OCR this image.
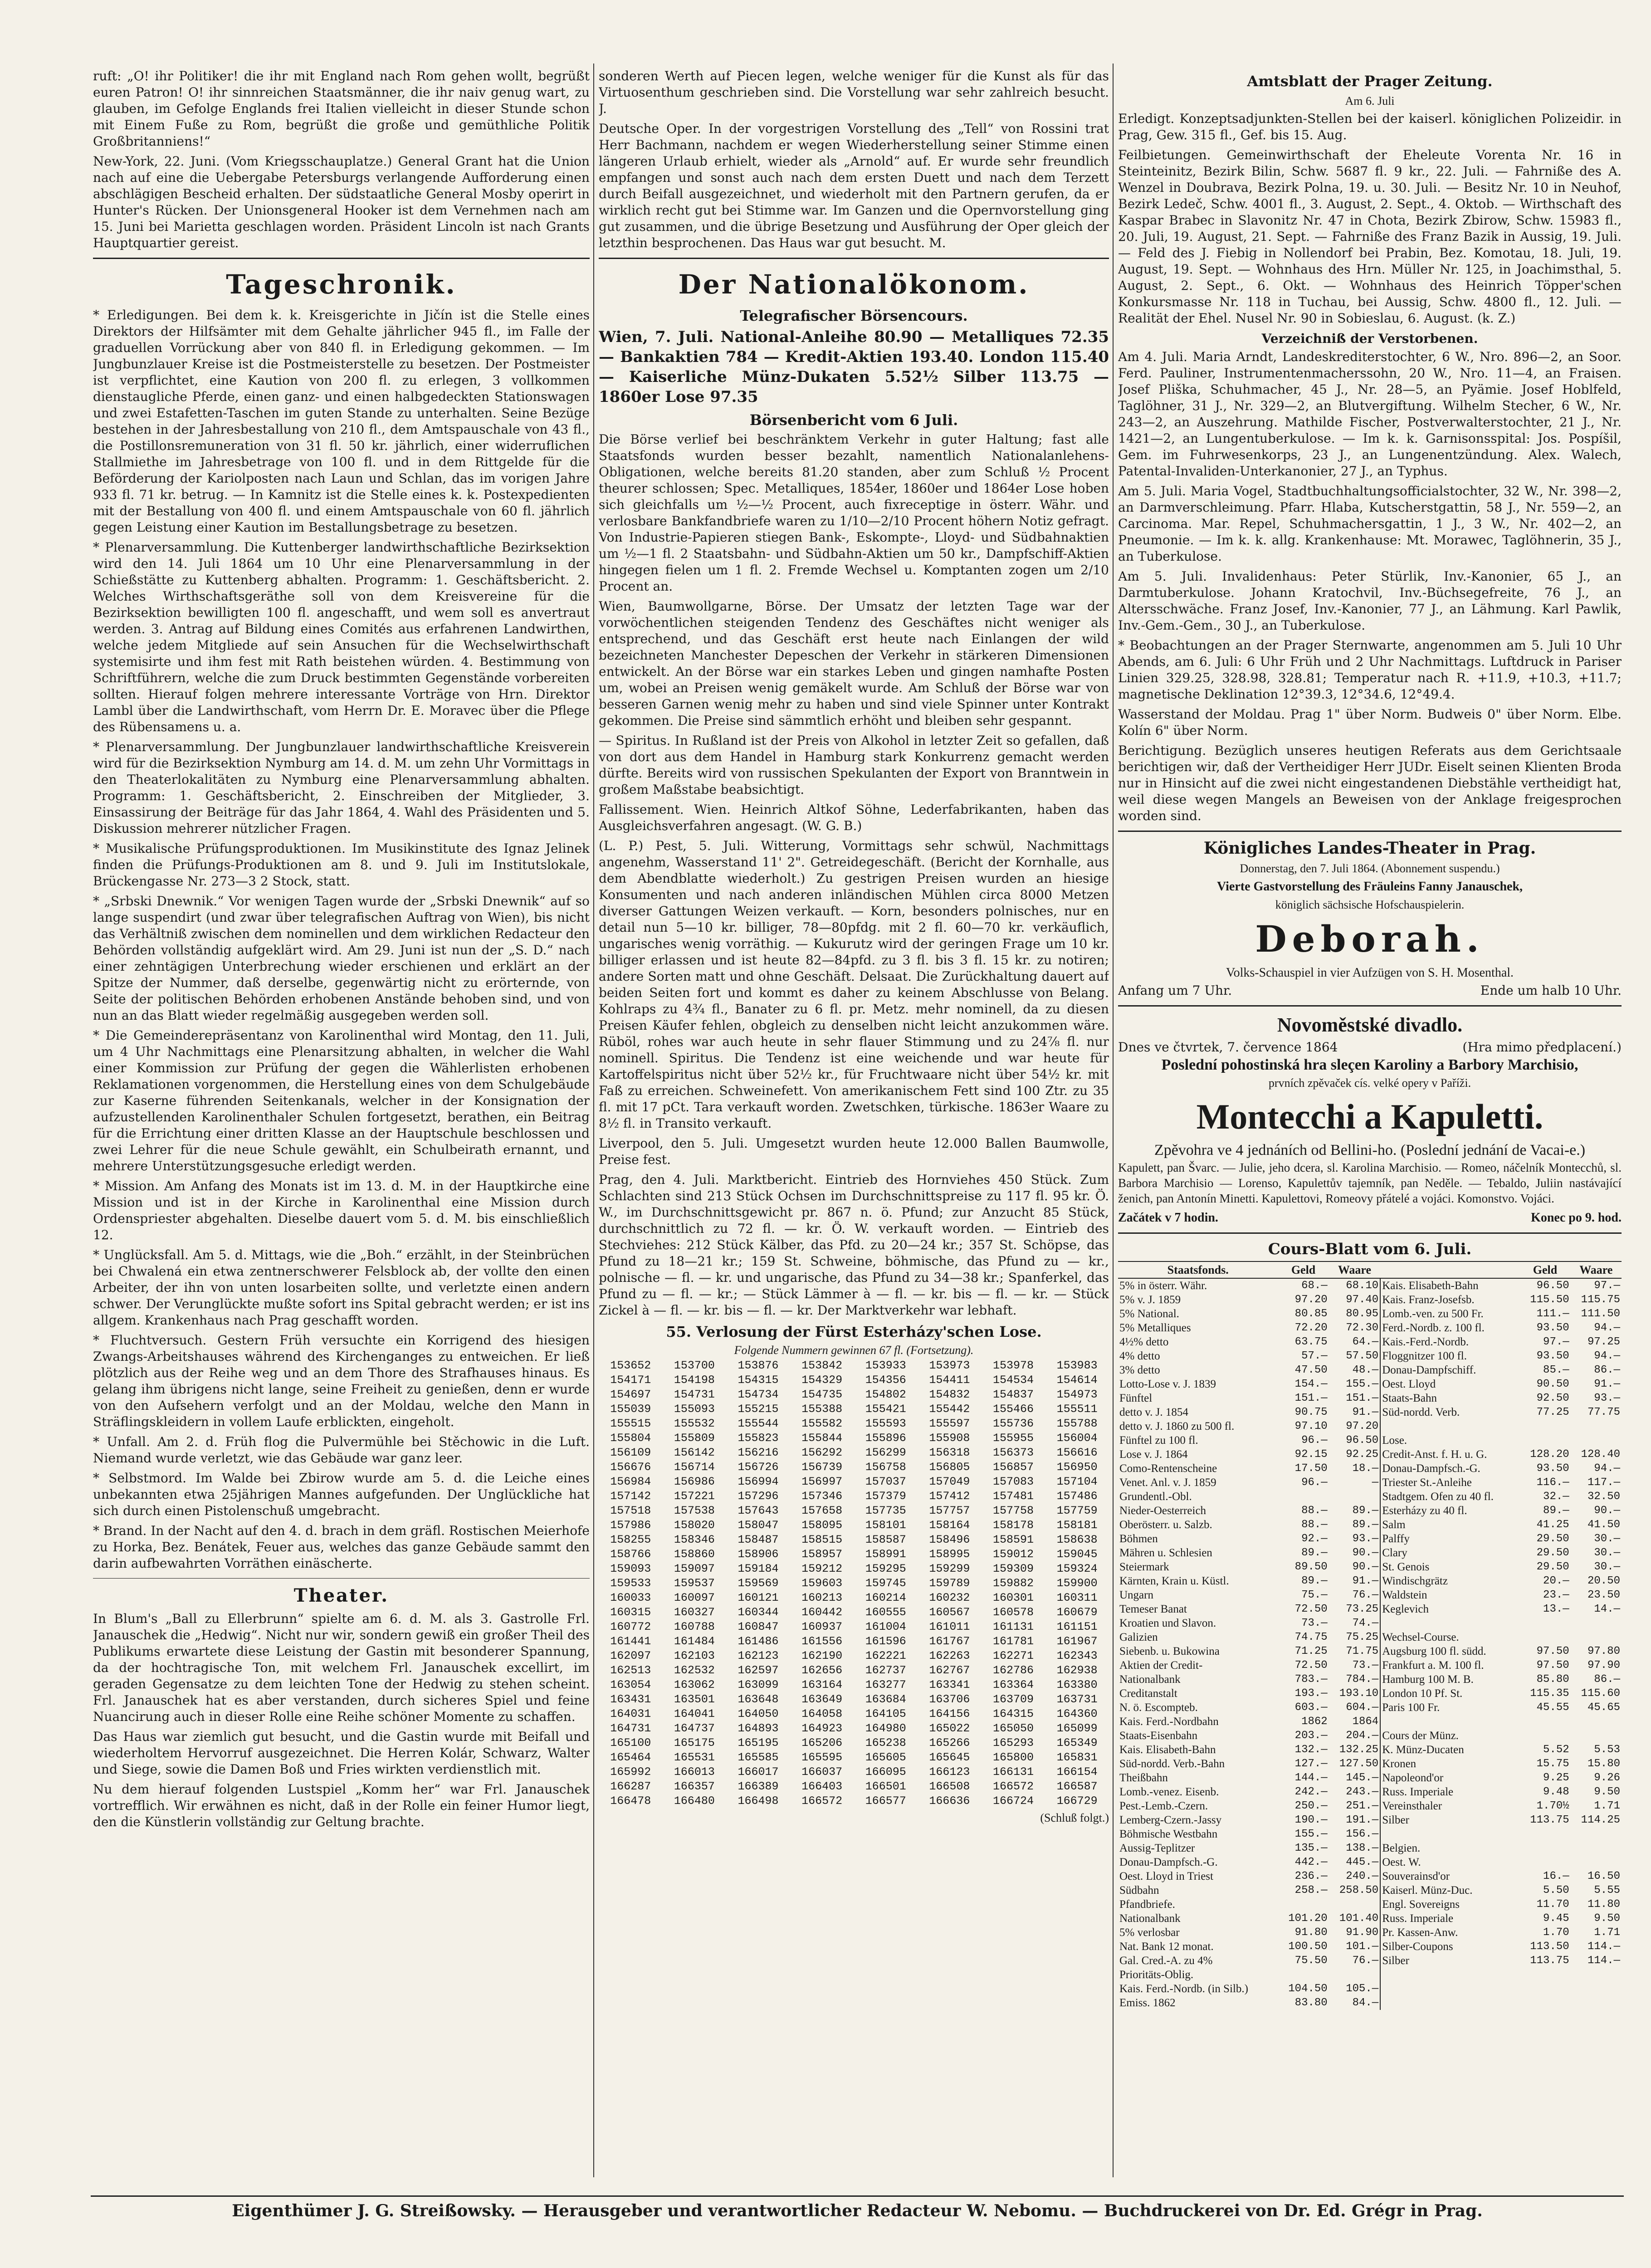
ruft: „O! ihr Politiker! die ihr mit England nach Rom gehen wollt, begrüßt euren Patron! O! ihr sinnreichen Staatsmänner, die ihr naiv genug wart, zu glauben, im Gefolge Englands frei Italien vielleicht in dieser Stunde schon mit Einem Fuße zu Rom, begrüßt die große und gemüthliche Politik Großbritanniens!“

New-York, 22. Juni. (Vom Kriegsschauplatze.) General Grant hat die Union nach auf eine die Uebergabe Petersburgs verlangende Aufforderung einen abschlägigen Bescheid erhalten. Der südstaatliche General Mosby operirt in Hunter's Rücken. Der Unionsgeneral Hooker ist dem Vernehmen nach am 15. Juni bei Marietta geschlagen worden. Präsident Lincoln ist nach Grants Hauptquartier gereist.

Tageschronik.

* Erledigungen. Bei dem k. k. Kreisgerichte in Jičín ist die Stelle eines Direktors der Hilfsämter mit dem Gehalte jährlicher 945 fl., im Falle der graduellen Vorrückung aber von 840 fl. in Erledigung gekommen. — Im Jungbunzlauer Kreise ist die Postmeisterstelle zu besetzen. Der Postmeister ist verpflichtet, eine Kaution von 200 fl. zu erlegen, 3 vollkommen dienstaugliche Pferde, einen ganz- und einen halbgedeckten Stationswagen und zwei Estafetten-Taschen im guten Stande zu unterhalten. Seine Bezüge bestehen in der Jahresbestallung von 210 fl., dem Amtspauschale von 43 fl., die Postillonsremuneration von 31 fl. 50 kr. jährlich, einer widerruflichen Stallmiethe im Jahresbetrage von 100 fl. und in dem Rittgelde für die Beförderung der Kariolposten nach Laun und Schlan, das im vorigen Jahre 933 fl. 71 kr. betrug. — In Kamnitz ist die Stelle eines k. k. Postexpedienten mit der Bestallung von 400 fl. und einem Amtspauschale von 60 fl. jährlich gegen Leistung einer Kaution im Bestallungsbetrage zu besetzen.

* Plenarversammlung. Die Kuttenberger landwirthschaftliche Bezirksektion wird den 14. Juli 1864 um 10 Uhr eine Plenarversammlung in der Schießstätte zu Kuttenberg abhalten. Programm: 1. Geschäftsbericht. 2. Welches Wirthschaftsgeräthe soll von dem Kreisvereine für die Bezirksektion bewilligten 100 fl. angeschafft, und wem soll es anvertraut werden. 3. Antrag auf Bildung eines Comités aus erfahrenen Landwirthen, welche jedem Mitgliede auf sein Ansuchen für die Wechselwirthschaft systemisirte und ihm fest mit Rath beistehen würden. 4. Bestimmung von Schriftführern, welche die zum Druck bestimmten Gegenstände vorbereiten sollten. Hierauf folgen mehrere interessante Vorträge von Hrn. Direktor Lambl über die Landwirthschaft, vom Herrn Dr. E. Moravec über die Pflege des Rübensamens u. a.

* Plenarversammlung. Der Jungbunzlauer landwirthschaftliche Kreisverein wird für die Bezirksektion Nymburg am 14. d. M. um zehn Uhr Vormittags in den Theaterlokalitäten zu Nymburg eine Plenarversammlung abhalten. Programm: 1. Geschäftsbericht, 2. Einschreiben der Mitglieder, 3. Einsassirung der Beiträge für das Jahr 1864, 4. Wahl des Präsidenten und 5. Diskussion mehrerer nützlicher Fragen.

* Musikalische Prüfungsproduktionen. Im Musikinstitute des Ignaz Jelinek finden die Prüfungs-Produktionen am 8. und 9. Juli im Institutslokale, Brückengasse Nr. 273—3 2 Stock, statt.

* „Srbski Dnewnik.“ Vor wenigen Tagen wurde der „Srbski Dnewnik“ auf so lange suspendirt (und zwar über telegrafischen Auftrag von Wien), bis nicht das Verhältniß zwischen dem nominellen und dem wirklichen Redacteur den Behörden vollständig aufgeklärt wird. Am 29. Juni ist nun der „S. D.“ nach einer zehntägigen Unterbrechung wieder erschienen und erklärt an der Spitze der Nummer, daß derselbe, gegenwärtig nicht zu erörternde, von Seite der politischen Behörden erhobenen Anstände behoben sind, und von nun an das Blatt wieder regelmäßig ausgegeben werden soll.

* Die Gemeinderepräsentanz von Karolinenthal wird Montag, den 11. Juli, um 4 Uhr Nachmittags eine Plenarsitzung abhalten, in welcher die Wahl einer Kommission zur Prüfung der gegen die Wählerlisten erhobenen Reklamationen vorgenommen, die Herstellung eines von dem Schulgebäude zur Kaserne führenden Seitenkanals, welcher in der Konsignation der aufzustellenden Karolinenthaler Schulen fortgesetzt, berathen, ein Beitrag für die Errichtung einer dritten Klasse an der Hauptschule beschlossen und zwei Lehrer für die neue Schule gewählt, ein Schulbeirath ernannt, und mehrere Unterstützungsgesuche erledigt werden.

* Mission. Am Anfang des Monats ist im 13. d. M. in der Hauptkirche eine Mission und ist in der Kirche in Karolinenthal eine Mission durch Ordenspriester abgehalten. Dieselbe dauert vom 5. d. M. bis einschließlich 12.

* Unglücksfall. Am 5. d. Mittags, wie die „Boh.“ erzählt, in der Steinbrüchen bei Chwalená ein etwa zentnerschwerer Felsblock ab, der vollte den einen Arbeiter, der ihn von unten losarbeiten sollte, und verletzte einen andern schwer. Der Verunglückte mußte sofort ins Spital gebracht werden; er ist ins allgem. Krankenhaus nach Prag geschafft worden.

* Fluchtversuch. Gestern Früh versuchte ein Korrigend des hiesigen Zwangs-Arbeitshauses während des Kirchenganges zu entweichen. Er ließ plötzlich aus der Reihe weg und an dem Thore des Strafhauses hinaus. Es gelang ihm übrigens nicht lange, seine Freiheit zu genießen, denn er wurde von den Aufsehern verfolgt und an der Moldau, welche den Mann in Sträflingskleidern in vollem Laufe erblickten, eingeholt.

* Unfall. Am 2. d. Früh flog die Pulvermühle bei Stěchowic in die Luft. Niemand wurde verletzt, wie das Gebäude war ganz leer.

* Selbstmord. Im Walde bei Zbirow wurde am 5. d. die Leiche eines unbekannten etwa 25jährigen Mannes aufgefunden. Der Unglückliche hat sich durch einen Pistolenschuß umgebracht.

* Brand. In der Nacht auf den 4. d. brach in dem gräfl. Rostischen Meierhofe zu Horka, Bez. Benátek, Feuer aus, welches das ganze Gebäude sammt den darin aufbewahrten Vorräthen einäscherte.

Theater.

In Blum's „Ball zu Ellerbrunn“ spielte am 6. d. M. als 3. Gastrolle Frl. Janauschek die „Hedwig“. Nicht nur wir, sondern gewiß ein großer Theil des Publikums erwartete diese Leistung der Gastin mit besonderer Spannung, da der hochtragische Ton, mit welchem Frl. Janauschek excellirt, im geraden Gegensatze zu dem leichten Tone der Hedwig zu stehen scheint. Frl. Janauschek hat es aber verstanden, durch sicheres Spiel und feine Nuancirung auch in dieser Rolle eine Reihe schöner Momente zu schaffen.

Das Haus war ziemlich gut besucht, und die Gastin wurde mit Beifall und wiederholtem Hervorruf ausgezeichnet. Die Herren Kolár, Schwarz, Walter und Siege, sowie die Damen Boß und Fries wirkten verdienstlich mit.

Nu dem hierauf folgenden Lustspiel „Komm her“ war Frl. Janauschek vortrefflich. Wir erwähnen es nicht, daß in der Rolle ein feiner Humor liegt, den die Künstlerin vollständig zur Geltung brachte.

sonderen Werth auf Piecen legen, welche weniger für die Kunst als für das Virtuosenthum geschrieben sind. Die Vorstellung war sehr zahlreich besucht. J.

Deutsche Oper. In der vorgestrigen Vorstellung des „Tell“ von Rossini trat Herr Bachmann, nachdem er wegen Wiederherstellung seiner Stimme einen längeren Urlaub erhielt, wieder als „Arnold“ auf. Er wurde sehr freundlich empfangen und sonst auch nach dem ersten Duett und nach dem Terzett durch Beifall ausgezeichnet, und wiederholt mit den Partnern gerufen, da er wirklich recht gut bei Stimme war. Im Ganzen und die Opernvorstellung ging gut zusammen, und die übrige Besetzung und Ausführung der Oper gleich der letzthin besprochenen. Das Haus war gut besucht. M.

Der Nationalökonom.
Telegrafischer Börsencours.

Wien, 7. Juli. National-Anleihe 80.90 — Metalliques 72.35 — Bankaktien 784 — Kredit-Aktien 193.40. London 115.40 — Kaiserliche Münz-Dukaten 5.52½ Silber 113.75 — 1860er Lose 97.35

Börsenbericht vom 6 Juli.

Die Börse verlief bei beschränktem Verkehr in guter Haltung; fast alle Staatsfonds wurden besser bezahlt, namentlich Nationalanlehens-Obligationen, welche bereits 81.20 standen, aber zum Schluß ½ Procent theurer schlossen; Spec. Metalliques, 1854er, 1860er und 1864er Lose hoben sich gleichfalls um ½—½ Procent, auch fixreceptige in österr. Währ. und verlosbare Bankfandbriefe waren zu 1/10—2/10 Procent höhern Notiz gefragt. Von Industrie-Papieren stiegen Bank-, Eskompte-, Lloyd- und Südbahnaktien um ½—1 fl. 2 Staatsbahn- und Südbahn-Aktien um 50 kr., Dampfschiff-Aktien hingegen fielen um 1 fl. 2. Fremde Wechsel u. Komptanten zogen um 2/10 Procent an.

Wien, Baumwollgarne, Börse. Der Umsatz der letzten Tage war der vorwöchentlichen steigenden Tendenz des Geschäftes nicht weniger als entsprechend, und das Geschäft erst heute nach Einlangen der wild bezeichneten Manchester Depeschen der Verkehr in stärkeren Dimensionen entwickelt. An der Börse war ein starkes Leben und gingen namhafte Posten um, wobei an Preisen wenig gemäkelt wurde. Am Schluß der Börse war von besseren Garnen wenig mehr zu haben und sind viele Spinner unter Kontrakt gekommen. Die Preise sind sämmtlich erhöht und bleiben sehr gespannt.

— Spiritus. In Rußland ist der Preis von Alkohol in letzter Zeit so gefallen, daß von dort aus dem Handel in Hamburg stark Konkurrenz gemacht werden dürfte. Bereits wird von russischen Spekulanten der Export von Branntwein in großem Maßstabe beabsichtigt.

Fallissement. Wien. Heinrich Altkof Söhne, Lederfabrikanten, haben das Ausgleichsverfahren angesagt. (W. G. B.)

(L. P.) Pest, 5. Juli. Witterung, Vormittags sehr schwül, Nachmittags angenehm, Wasserstand 11' 2". Getreidegeschäft. (Bericht der Kornhalle, aus dem Abendblatte wiederholt.) Zu gestrigen Preisen wurden an hiesige Konsumenten und nach anderen inländischen Mühlen circa 8000 Metzen diverser Gattungen Weizen verkauft. — Korn, besonders polnisches, nur en detail nun 5—10 kr. billiger, 78—80pfdg. mit 2 fl. 60—70 kr. verkäuflich, ungarisches wenig vorräthig. — Kukurutz wird der geringen Frage um 10 kr. billiger erlassen und ist heute 82—84pfd. zu 3 fl. bis 3 fl. 15 kr. zu notiren; andere Sorten matt und ohne Geschäft. Delsaat. Die Zurückhaltung dauert auf beiden Seiten fort und kommt es daher zu keinem Abschlusse von Belang. Kohlraps zu 4¾ fl., Banater zu 6 fl. pr. Metz. mehr nominell, da zu diesen Preisen Käufer fehlen, obgleich zu denselben nicht leicht anzukommen wäre. Rüböl, rohes war auch heute in sehr flauer Stimmung und zu 24⅞ fl. nur nominell. Spiritus. Die Tendenz ist eine weichende und war heute für Kartoffelspiritus nicht über 52½ kr., für Fruchtwaare nicht über 54½ kr. mit Faß zu erreichen. Schweinefett. Von amerikanischem Fett sind 100 Ztr. zu 35 fl. mit 17 pCt. Tara verkauft worden. Zwetschken, türkische. 1863er Waare zu 8½ fl. in Transito verkauft.

Liverpool, den 5. Juli. Umgesetzt wurden heute 12.000 Ballen Baumwolle, Preise fest.

Prag, den 4. Juli. Marktbericht. Eintrieb des Hornviehes 450 Stück. Zum Schlachten sind 213 Stück Ochsen im Durchschnittspreise zu 117 fl. 95 kr. Ö. W., im Durchschnittsgewicht pr. 867 n. ö. Pfund; zur Anzucht 85 Stück, durchschnittlich zu 72 fl. — kr. Ö. W. verkauft worden. — Eintrieb des Stechviehes: 212 Stück Kälber, das Pfd. zu 20—24 kr.; 357 St. Schöpse, das Pfund zu 18—21 kr.; 159 St. Schweine, böhmische, das Pfund zu — kr., polnische — fl. — kr. und ungarische, das Pfund zu 34—38 kr.; Spanferkel, das Pfund zu — fl. — kr.; — Stück Lämmer à — fl. — kr. bis — fl. — kr. — Stück Zickel à — fl. — kr. bis — fl. — kr. Der Marktverkehr war lebhaft.

55. Verlosung der Fürst Esterházy'schen Lose.
Folgende Nummern gewinnen 67 fl. (Fortsetzung).
153652	153700	153876	153842	153933	153973	153978	153983
154171	154198	154315	154329	154356	154411	154534	154614
154697	154731	154734	154735	154802	154832	154837	154973
155039	155093	155215	155388	155421	155442	155466	155511
155515	155532	155544	155582	155593	155597	155736	155788
155804	155809	155823	155844	155896	155908	155955	156004
156109	156142	156216	156292	156299	156318	156373	156616
156676	156714	156726	156739	156758	156805	156857	156950
156984	156986	156994	156997	157037	157049	157083	157104
157142	157221	157296	157346	157379	157412	157481	157486
157518	157538	157643	157658	157735	157757	157758	157759
157986	158020	158047	158095	158101	158164	158178	158181
158255	158346	158487	158515	158587	158496	158591	158638
158766	158860	158906	158957	158991	158995	159012	159045
159093	159097	159184	159212	159295	159299	159309	159324
159533	159537	159569	159603	159745	159789	159882	159900
160033	160097	160121	160213	160214	160232	160301	160311
160315	160327	160344	160442	160555	160567	160578	160679
160772	160788	160847	160937	161004	161011	161131	161151
161441	161484	161486	161556	161596	161767	161781	161967
162097	162103	162123	162190	162221	162263	162271	162343
162513	162532	162597	162656	162737	162767	162786	162938
163054	163062	163099	163164	163277	163341	163364	163380
163431	163501	163648	163649	163684	163706	163709	163731
164031	164041	164050	164058	164105	164156	164315	164360
164731	164737	164893	164923	164980	165022	165050	165099
165100	165175	165195	165206	165238	165266	165293	165349
165464	165531	165585	165595	165605	165645	165800	165831
165992	166013	166017	166037	166095	166123	166131	166154
166287	166357	166389	166403	166501	166508	166572	166587
166478	166480	166498	166572	166577	166636	166724	166729
(Schluß folgt.)
Amtsblatt der Prager Zeitung.
Am 6. Juli

Erledigt. Konzeptsadjunkten-Stellen bei der kaiserl. königlichen Polizeidir. in Prag, Gew. 315 fl., Gef. bis 15. Aug.

Feilbietungen. Gemeinwirthschaft der Eheleute Vorenta Nr. 16 in Steinteinitz, Bezirk Bilin, Schw. 5687 fl. 9 kr., 22. Juli. — Fahrniße des A. Wenzel in Doubrava, Bezirk Polna, 19. u. 30. Juli. — Besitz Nr. 10 in Neuhof, Bezirk Ledeč, Schw. 4001 fl., 3. August, 2. Sept., 4. Oktob. — Wirthschaft des Kaspar Brabec in Slavonitz Nr. 47 in Chota, Bezirk Zbirow, Schw. 15983 fl., 20. Juli, 19. August, 21. Sept. — Fahrniße des Franz Bazik in Aussig, 19. Juli. — Feld des J. Fiebig in Nollendorf bei Prabin, Bez. Komotau, 18. Juli, 19. August, 19. Sept. — Wohnhaus des Hrn. Müller Nr. 125, in Joachimsthal, 5. August, 2. Sept., 6. Okt. — Wohnhaus des Heinrich Töpper'schen Konkursmasse Nr. 118 in Tuchau, bei Aussig, Schw. 4800 fl., 12. Juli. — Realität der Ehel. Nusel Nr. 90 in Sobieslau, 6. August. (k. Z.)

Verzeichniß der Verstorbenen.

Am 4. Juli. Maria Arndt, Landeskrediterstochter, 6 W., Nro. 896—2, an Soor. Ferd. Pauliner, Instrumentenmacherssohn, 20 W., Nro. 11—4, an Fraisen. Josef Pliška, Schuhmacher, 45 J., Nr. 28—5, an Pyämie. Josef Hoblfeld, Taglöhner, 31 J., Nr. 329—2, an Blutvergiftung. Wilhelm Stecher, 6 W., Nr. 243—2, an Auszehrung. Mathilde Fischer, Postverwalterstochter, 21 J., Nr. 1421—2, an Lungentuberkulose. — Im k. k. Garnisonsspital: Jos. Pospíšil, Gem. im Fuhrwesenkorps, 23 J., an Lungenentzündung. Alex. Walech, Patental-Invaliden-Unterkanonier, 27 J., an Typhus.

Am 5. Juli. Maria Vogel, Stadtbuchhaltungsofficialstochter, 32 W., Nr. 398—2, an Darmverschleimung. Pfarr. Hlaba, Kutscherstgattin, 58 J., Nr. 559—2, an Carcinoma. Mar. Repel, Schuhmachersgattin, 1 J., 3 W., Nr. 402—2, an Pneumonie. — Im k. k. allg. Krankenhause: Mt. Morawec, Taglöhnerin, 35 J., an Tuberkulose.

Am 5. Juli. Invalidenhaus: Peter Stürlik, Inv.-Kanonier, 65 J., an Darmtuberkulose. Johann Kratochvil, Inv.-Büchsegefreite, 76 J., an Altersschwäche. Franz Josef, Inv.-Kanonier, 77 J., an Lähmung. Karl Pawlik, Inv.-Gem.-Gem., 30 J., an Tuberkulose.

* Beobachtungen an der Prager Sternwarte, angenommen am 5. Juli 10 Uhr Abends, am 6. Juli: 6 Uhr Früh und 2 Uhr Nachmittags. Luftdruck in Pariser Linien 329.25, 328.98, 328.81; Temperatur nach R. +11.9, +10.3, +11.7; magnetische Deklination 12°39.3, 12°34.6, 12°49.4.

Wasserstand der Moldau. Prag 1" über Norm. Budweis 0" über Norm. Elbe. Kolín 6" über Norm.

Berichtigung. Bezüglich unseres heutigen Referats aus dem Gerichtsaale berichtigen wir, daß der Vertheidiger Herr JUDr. Eiselt seinen Klienten Broda nur in Hinsicht auf die zwei nicht eingestandenen Diebstähle vertheidigt hat, weil diese wegen Mangels an Beweisen von der Anklage freigesprochen worden sind.

Königliches Landes-Theater in Prag.
Donnerstag, den 7. Juli 1864. (Abonnement suspendu.)
Vierte Gastvorstellung des Fräuleins Fanny Janauschek,
königlich sächsische Hofschauspielerin.
Deborah.
Volks-Schauspiel in vier Aufzügen von S. H. Mosenthal.
Anfang um 7 Uhr.	Ende um halb 10 Uhr.
Novoměstské divadlo.
Dnes ve čtvrtek, 7. července 1864	(Hra mimo předplacení.)
Poslední pohostinská hra sleçen Karoliny a Barbory Marchisio,
prvních zpěvaček cís. velké opery v Paříži.
Montecchi a Kapuletti.
Zpěvohra ve 4 jednáních od Bellini-ho. (Poslední jednání de Vacai-e.)

Kapulett, pan Švarc. — Julie, jeho dcera, sl. Karolina Marchisio. — Romeo, náčelník Montecchů, sl. Barbora Marchisio — Lorenso, Kapulettův tajemník, pan Neděle. — Tebaldo, Juliin nastávající ženich, pan Antonín Minetti. Kapulettovi, Romeovy přátelé a vojáci. Komonstvo. Vojáci.

Začátek v 7 hodin.	Konec po 9. hod.
Cours-Blatt vom 6. Juli.
Staatsfonds.	Geld	Waare		Geld	Waare
5% in österr. Währ.	68.—	68.10	Kais. Elisabeth-Bahn	96.50	97.—
5% v. J. 1859	97.20	97.40	Kais. Franz-Josefsb.	115.50	115.75
5% National.	80.85	80.95	Lomb.-ven. zu 500 Fr.	111.—	111.50
5% Metalliques	72.20	72.30	Ferd.-Nordb. z. 100 fl.	93.50	94.—
4½% detto	63.75	64.—	Kais.-Ferd.-Nordb.	97.—	97.25
4% detto	57.—	57.50	Floggnitzer 100 fl.	93.50	94.—
3% detto	47.50	48.—	Donau-Dampfschiff.	85.—	86.—
Lotto-Lose v. J. 1839	154.—	155.—	Oest. Lloyd	90.50	91.—
Fünftel	151.—	151.—	Staats-Bahn	92.50	93.—
detto v. J. 1854	90.75	91.—	Süd-nordd. Verb.	77.25	77.75
detto v. J. 1860 zu 500 fl.	97.10	97.20			
Fünftel zu 100 fl.	96.—	96.50	Lose.		
Lose v. J. 1864	92.15	92.25	Credit-Anst. f. H. u. G.	128.20	128.40
Como-Rentenscheine	17.50	18.—	Donau-Dampfsch.-G.	93.50	94.—
Venet. Anl. v. J. 1859	96.—	—	Triester St.-Anleihe	116.—	117.—
Grundentl.-Obl.			Stadtgem. Ofen zu 40 fl.	32.—	32.50
Nieder-Oesterreich	88.—	89.—	Esterházy zu 40 fl.	89.—	90.—
Oberösterr. u. Salzb.	88.—	89.—	Salm	41.25	41.50
Böhmen	92.—	93.—	Palffy	29.50	30.—
Mähren u. Schlesien	89.—	90.—	Clary	29.50	30.—
Steiermark	89.50	90.—	St. Genois	29.50	30.—
Kärnten, Krain u. Küstl.	89.—	91.—	Windischgrätz	20.—	20.50
Ungarn	75.—	76.—	Waldstein	23.—	23.50
Temeser Banat	72.50	73.25	Keglevich	13.—	14.—
Kroatien und Slavon.	73.—	74.—			
Galizien	74.75	75.25	Wechsel-Course.		
Siebenb. u. Bukowina	71.25	71.75	Augsburg 100 fl. südd.	97.50	97.80
Aktien der Credit-	72.50	73.—	Frankfurt a. M. 100 fl.	97.50	97.90
Nationalbank	783.—	784.—	Hamburg 100 M. B.	85.80	86.—
Creditanstalt	193.—	193.10	London 10 Pf. St.	115.35	115.60
N. ö. Escompteb.	603.—	604.—	Paris 100 Fr.	45.55	45.65
Kais. Ferd.-Nordbahn	1862	1864			
Staats-Eisenbahn	203.—	204.—	Cours der Münz.		
Kais. Elisabeth-Bahn	132.—	132.25	K. Münz-Ducaten	5.52	5.53
Süd-nordd. Verb.-Bahn	127.—	127.50	Kronen	15.75	15.80
Theißbahn	144.—	145.—	Napoleond'or	9.25	9.26
Lomb.-venez. Eisenb.	242.—	243.—	Russ. Imperiale	9.48	9.50
Pest.-Lemb.-Czern.	250.—	251.—	Vereinsthaler	1.70½	1.71
Lemberg-Czern.-Jassy	190.—	191.—	Silber	113.75	114.25
Böhmische Westbahn	155.—	156.—			
Aussig-Teplitzer	135.—	138.—	Belgien.		
Donau-Dampfsch.-G.	442.—	445.—	Oest. W.		
Oest. Lloyd in Triest	236.—	240.—	Souverainsd'or	16.—	16.50
Südbahn	258.—	258.50	Kaiserl. Münz-Duc.	5.50	5.55
Pfandbriefe.			Engl. Sovereigns	11.70	11.80
Nationalbank	101.20	101.40	Russ. Imperiale	9.45	9.50
5% verlosbar	91.80	91.90	Pr. Kassen-Anw.	1.70	1.71
Nat. Bank 12 monat.	100.50	101.—	Silber-Coupons	113.50	114.—
Gal. Cred.-A. zu 4%	75.50	76.—	Silber	113.75	114.—
Prioritäts-Oblig.					
Kais. Ferd.-Nordb. (in Silb.)	104.50	105.—			
Emiss. 1862	83.80	84.—			
Eigenthümer J. G. Streißowsky. — Herausgeber und verantwortlicher Redacteur W. Nebomu. — Buchdruckerei von Dr. Ed. Grégr in Prag.
